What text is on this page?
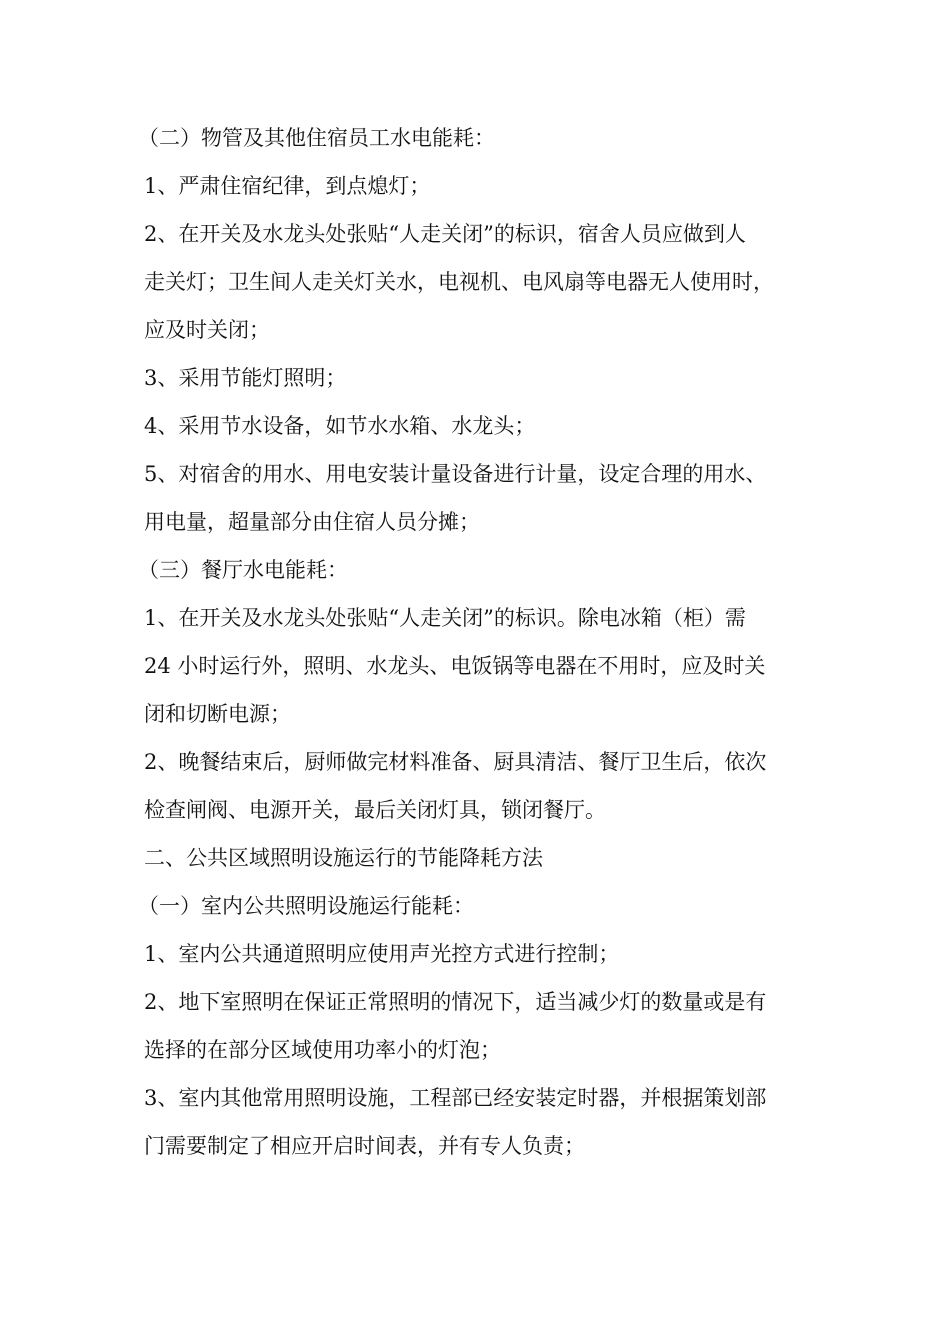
（二）物管及其他住宿员工水电能耗：
1、严肃住宿纪律，到点熄灯；
2、在开关及水龙头处张贴“人走关闭”的标识，宿舍人员应做到人
走关灯；卫生间人走关灯关水，电视机、电风扇等电器无人使用时，
应及时关闭；
3、采用节能灯照明；
4、采用节水设备，如节水水箱、水龙头；
5、对宿舍的用水、用电安装计量设备进行计量，设定合理的用水、
用电量，超量部分由住宿人员分摊；
（三）餐厅水电能耗：
1、在开关及水龙头处张贴“人走关闭”的标识。除电冰箱（柜）需
24 小时运行外，照明、水龙头、电饭锅等电器在不用时，应及时关
闭和切断电源；
2、晚餐结束后，厨师做完材料准备、厨具清洁、餐厅卫生后，依次
检查闸阀、电源开关，最后关闭灯具，锁闭餐厅。
二、公共区域照明设施运行的节能降耗方法
（一）室内公共照明设施运行能耗：
1、室内公共通道照明应使用声光控方式进行控制；
2、地下室照明在保证正常照明的情况下，适当减少灯的数量或是有
选择的在部分区域使用功率小的灯泡；
3、室内其他常用照明设施，工程部已经安装定时器，并根据策划部
门需要制定了相应开启时间表，并有专人负责；
